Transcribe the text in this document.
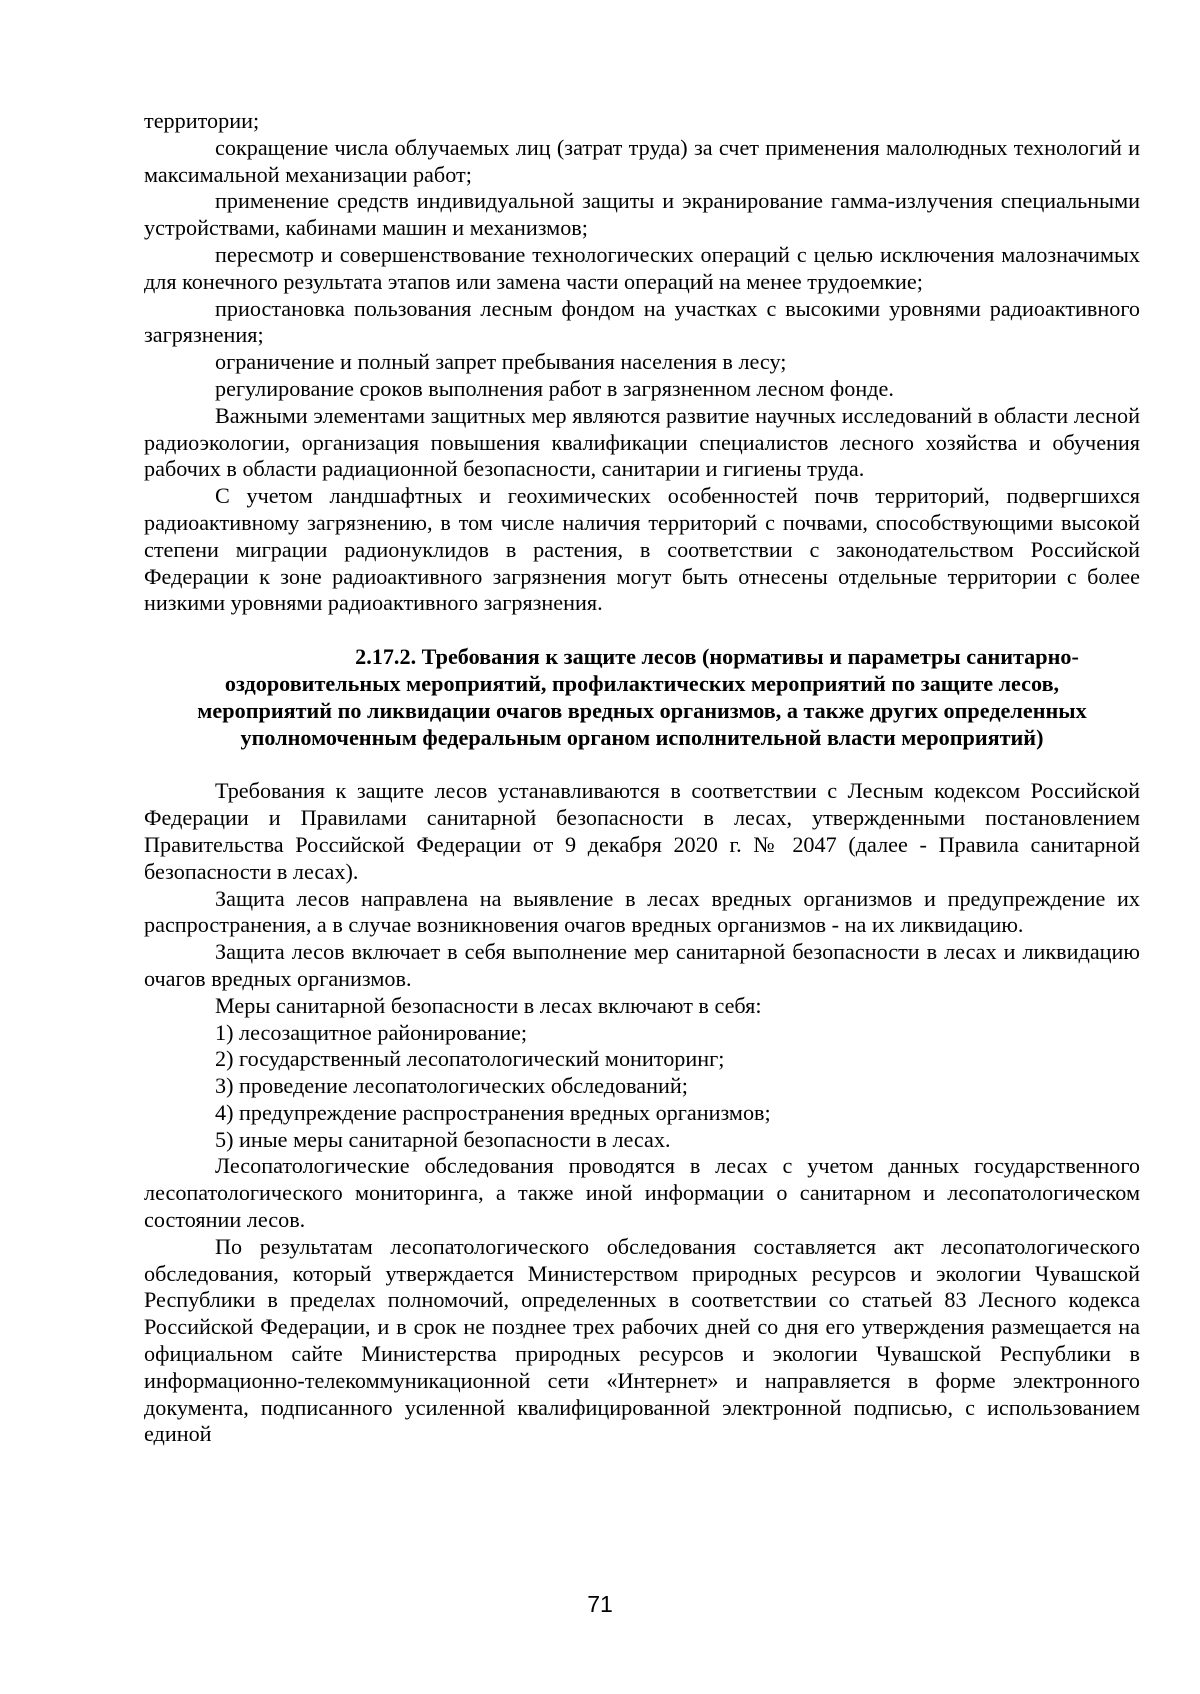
территории;

сокращение числа облучаемых лиц (затрат труда) за счет применения малолюдных технологий и максимальной механизации работ;

применение средств индивидуальной защиты и экранирование гамма-излучения специальными устройствами, кабинами машин и механизмов;

пересмотр и совершенствование технологических операций с целью исключения малозначимых для конечного результата этапов или замена части операций на менее трудоемкие;

приостановка пользования лесным фондом на участках с высокими уровнями радиоактивного загрязнения;

ограничение и полный запрет пребывания населения в лесу;

регулирование сроков выполнения работ в загрязненном лесном фонде.

Важными элементами защитных мер являются развитие научных исследований в области лесной радиоэкологии, организация повышения квалификации специалистов лесного хозяйства и обучения рабочих в области радиационной безопасности, санитарии и гигиены труда.

С учетом ландшафтных и геохимических особенностей почв территорий, подвергшихся радиоактивному загрязнению, в том числе наличия территорий с почвами, способствующими высокой степени миграции радионуклидов в растения, в соответствии с законодательством Российской Федерации к зоне радиоактивного загрязнения могут быть отнесены отдельные территории с более низкими уровнями радиоактивного загрязнения.

2.17.2. Требования к защите лесов (нормативы и параметры санитарно-
оздоровительных мероприятий, профилактических мероприятий по защите лесов,
мероприятий по ликвидации очагов вредных организмов, а также других определенных
уполномоченным федеральным органом исполнительной власти мероприятий)

Требования к защите лесов устанавливаются в соответствии с Лесным кодексом Российской Федерации и Правилами санитарной безопасности в лесах, утвержденными постановлением Правительства Российской Федерации от 9 декабря 2020 г. № 2047 (далее - Правила санитарной безопасности в лесах).

Защита лесов направлена на выявление в лесах вредных организмов и предупреждение их распространения, а в случае возникновения очагов вредных организмов - на их ликвидацию.

Защита лесов включает в себя выполнение мер санитарной безопасности в лесах и ликвидацию очагов вредных организмов.

Меры санитарной безопасности в лесах включают в себя:

1) лесозащитное районирование;

2) государственный лесопатологический мониторинг;

3) проведение лесопатологических обследований;

4) предупреждение распространения вредных организмов;

5) иные меры санитарной безопасности в лесах.

Лесопатологические обследования проводятся в лесах с учетом данных государственного лесопатологического мониторинга, а также иной информации о санитарном и лесопатологическом состоянии лесов.

По результатам лесопатологического обследования составляется акт лесопатологического обследования, который утверждается Министерством природных ресурсов и экологии Чувашской Республики в пределах полномочий, определенных в соответствии со статьей 83 Лесного кодекса Российской Федерации, и в срок не позднее трех рабочих дней со дня его утверждения размещается на официальном сайте Министерства природных ресурсов и экологии Чувашской Республики в информационно-телекоммуникационной сети «Интернет» и направляется в форме электронного документа, подписанного усиленной квалифицированной электронной подписью, с использованием единой

71
